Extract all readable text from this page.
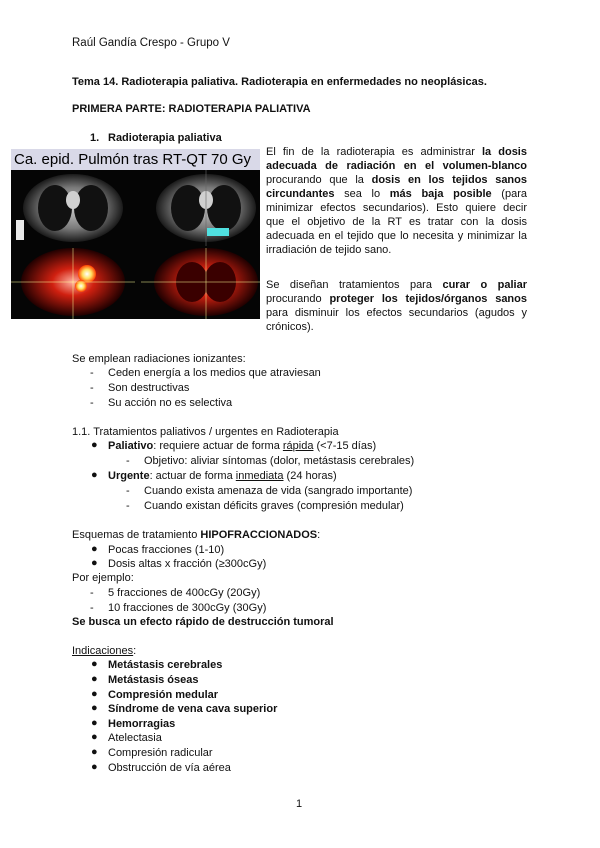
Raúl Gandía Crespo - Grupo V
Tema 14. Radioterapia paliativa. Radioterapia en enfermedades no neoplásicas.
PRIMERA PARTE: RADIOTERAPIA PALIATIVA
1. Radioterapia paliativa
Ca. epid. Pulmón tras RT-QT 70 Gy	El fin de la radioterapia es administrar la dosis adecuada de radiación en el volumen-blanco procurando que la dosis en los tejidos sanos circundantes sea lo más baja posible (para minimizar efectos secundarios). Esto quiere decir que el objetivo de la RT es tratar con la dosis adecuada en el tejido que lo necesita y minimizar la irradiación de tejido sano.
Se diseñan tratamientos para curar o paliar procurando proteger los tejidos/órganos sanos para disminuir los efectos secundarios (agudos y crónicos).
Se emplean radiaciones ionizantes:
- Ceden energía a los medios que atraviesan
- Son destructivas
- Su acción no es selectiva
1.1. Tratamientos paliativos / urgentes en Radioterapia
● Paliativo: requiere actuar de forma rápida (<7-15 días)
- Objetivo: aliviar síntomas (dolor, metástasis cerebrales)
● Urgente: actuar de forma inmediata (24 horas)
- Cuando exista amenaza de vida (sangrado importante)
- Cuando existan déficits graves (compresión medular)
Esquemas de tratamiento HIPOFRACCIONADOS:
● Pocas fracciones (1-10)
● Dosis altas x fracción (≥300cGy)
Por ejemplo:
- 5 fracciones de 400cGy (20Gy)
- 10 fracciones de 300cGy (30Gy)
Se busca un efecto rápido de destrucción tumoral
Indicaciones:
● Metástasis cerebrales
● Metástasis óseas
● Compresión medular
● Síndrome de vena cava superior
● Hemorragias
● Atelectasia
● Compresión radicular
● Obstrucción de vía aérea
1
